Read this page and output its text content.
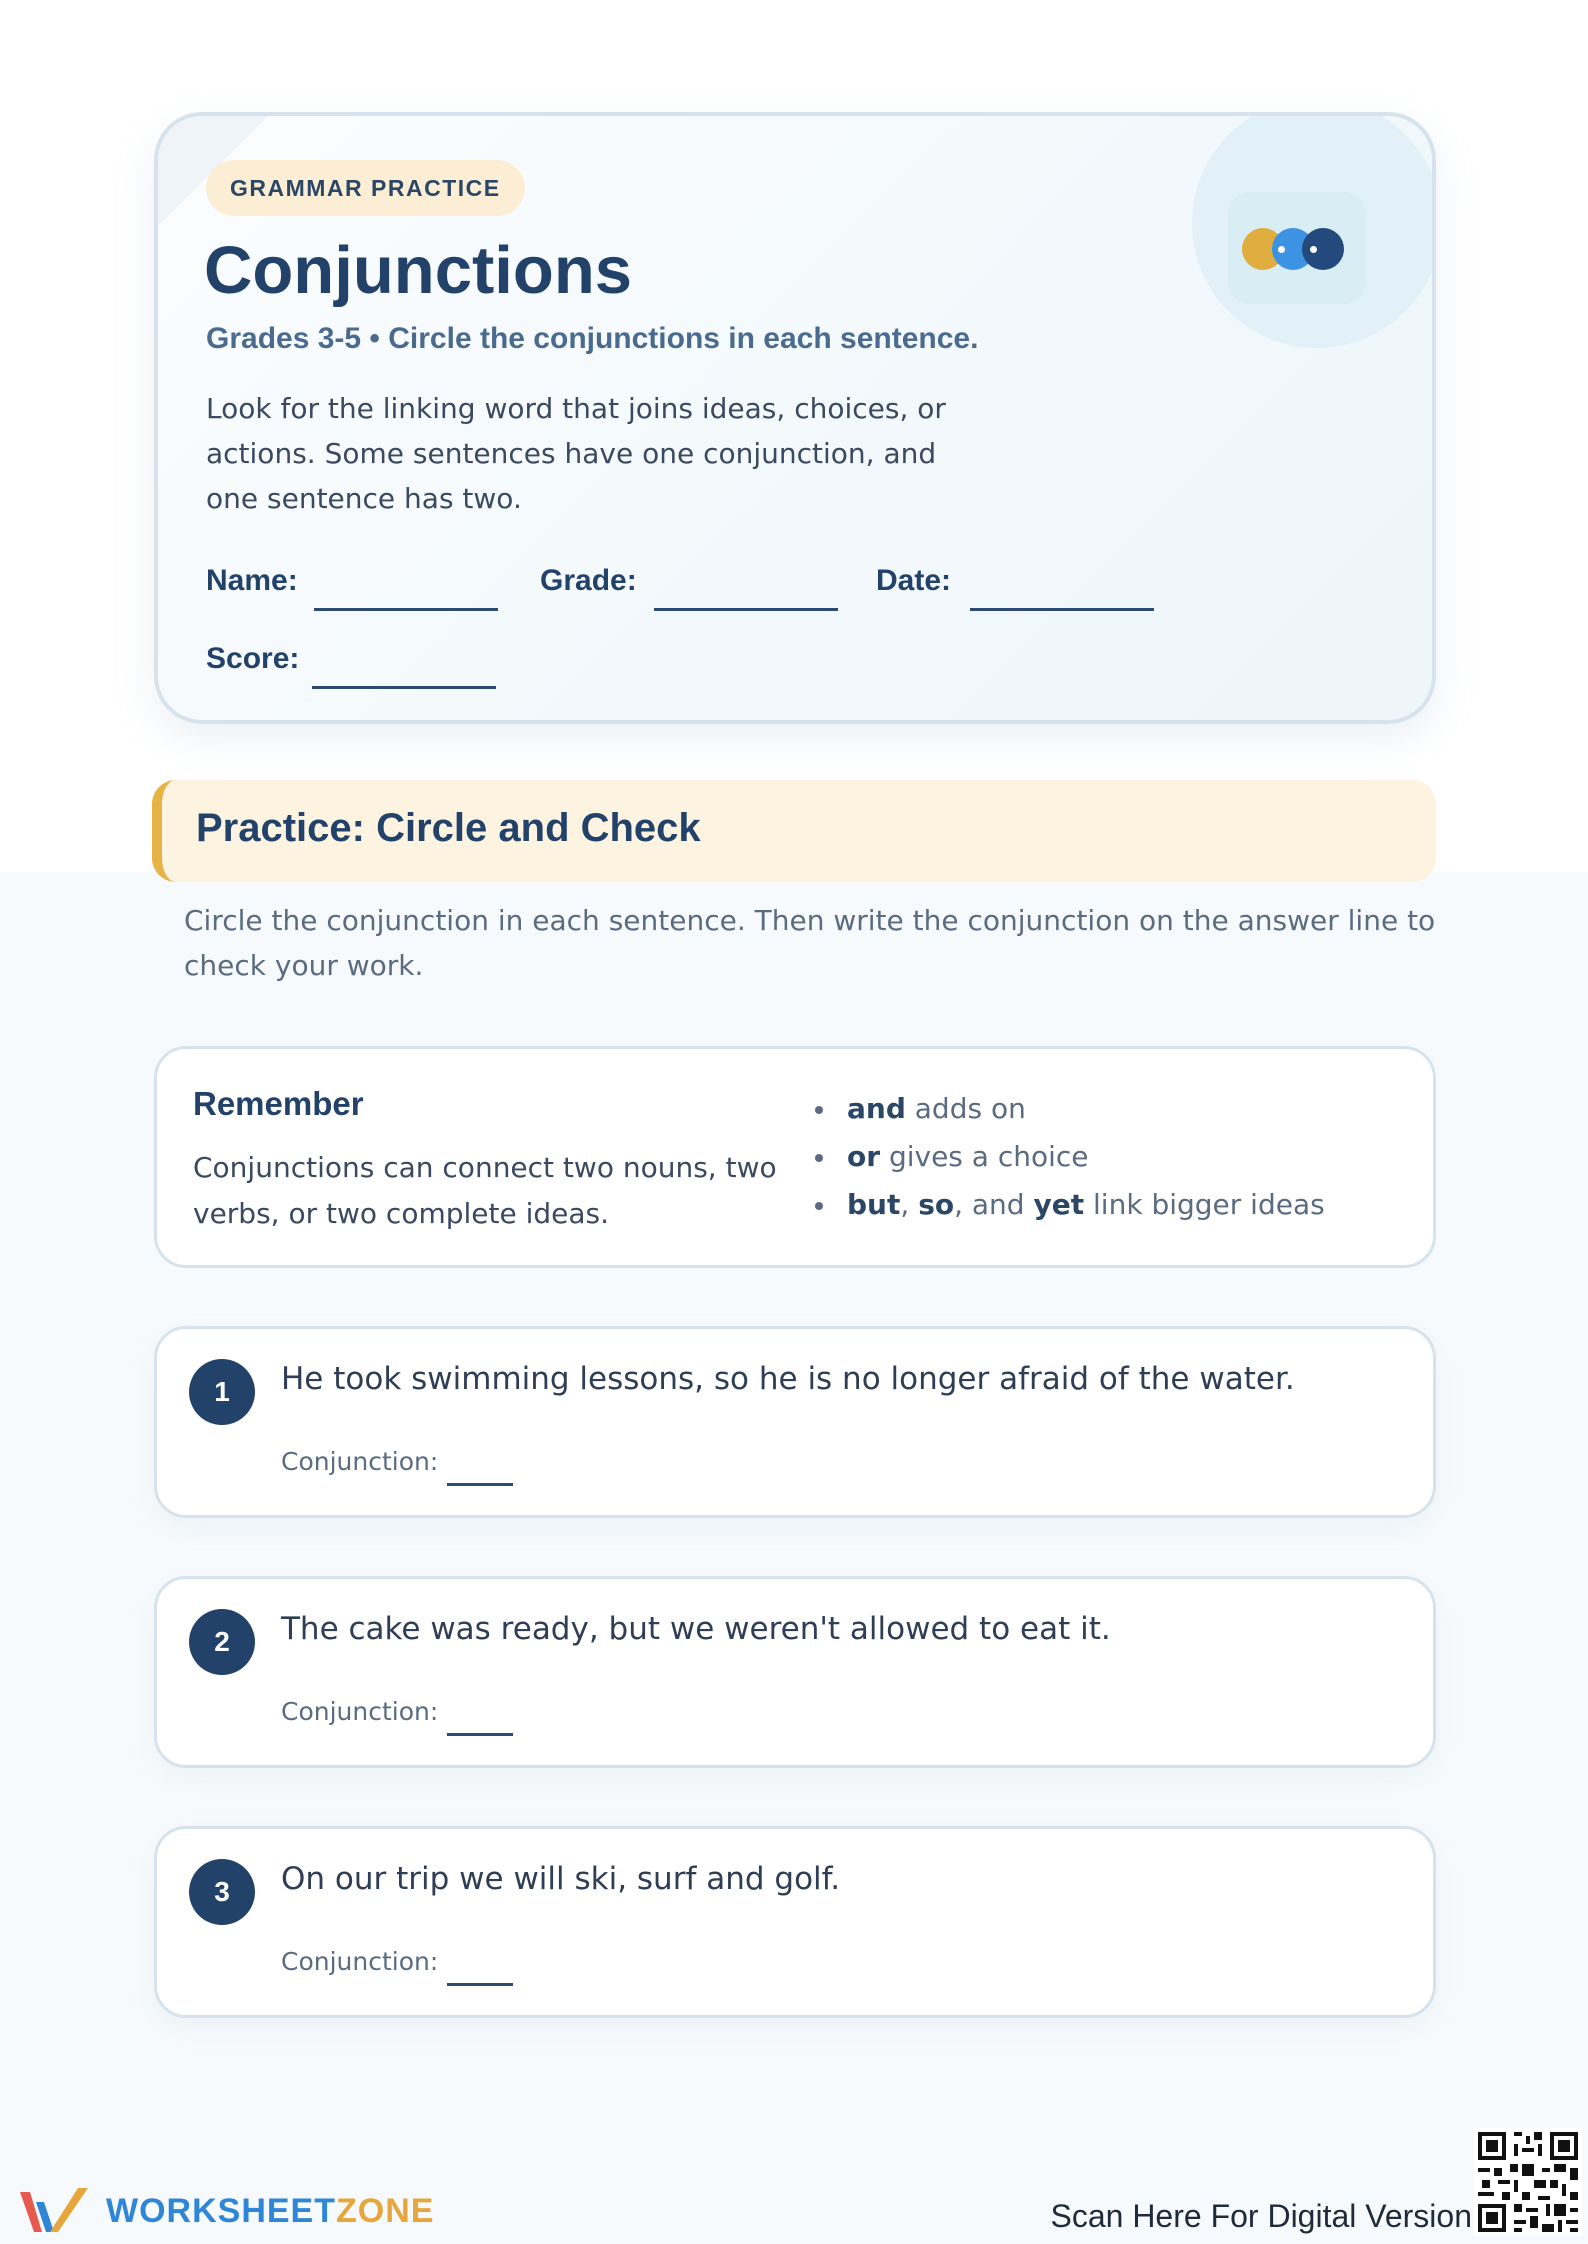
GRAMMAR PRACTICE
Conjunctions
Grades 3-5 • Circle the conjunctions in each sentence.

Look for the linking word that joins ideas, choices, or actions. Some sentences have one conjunction, and one sentence has two.

Name:	Grade:	Date:
Score:
Practice: Circle and Check

Circle the conjunction in each sentence. Then write the conjunction on the answer line to check your work.

Remember

Conjunctions can connect two nouns, two verbs, or two complete ideas.

and adds on
or gives a choice
but, so, and yet link bigger ideas
1	He took swimming lessons, so he is no longer afraid of the water.
Conjunction:
2	The cake was ready, but we weren't allowed to eat it.
Conjunction:
3	On our trip we will ski, surf and golf.
Conjunction:
WORKSHEETZONE	Scan Here For Digital Version
